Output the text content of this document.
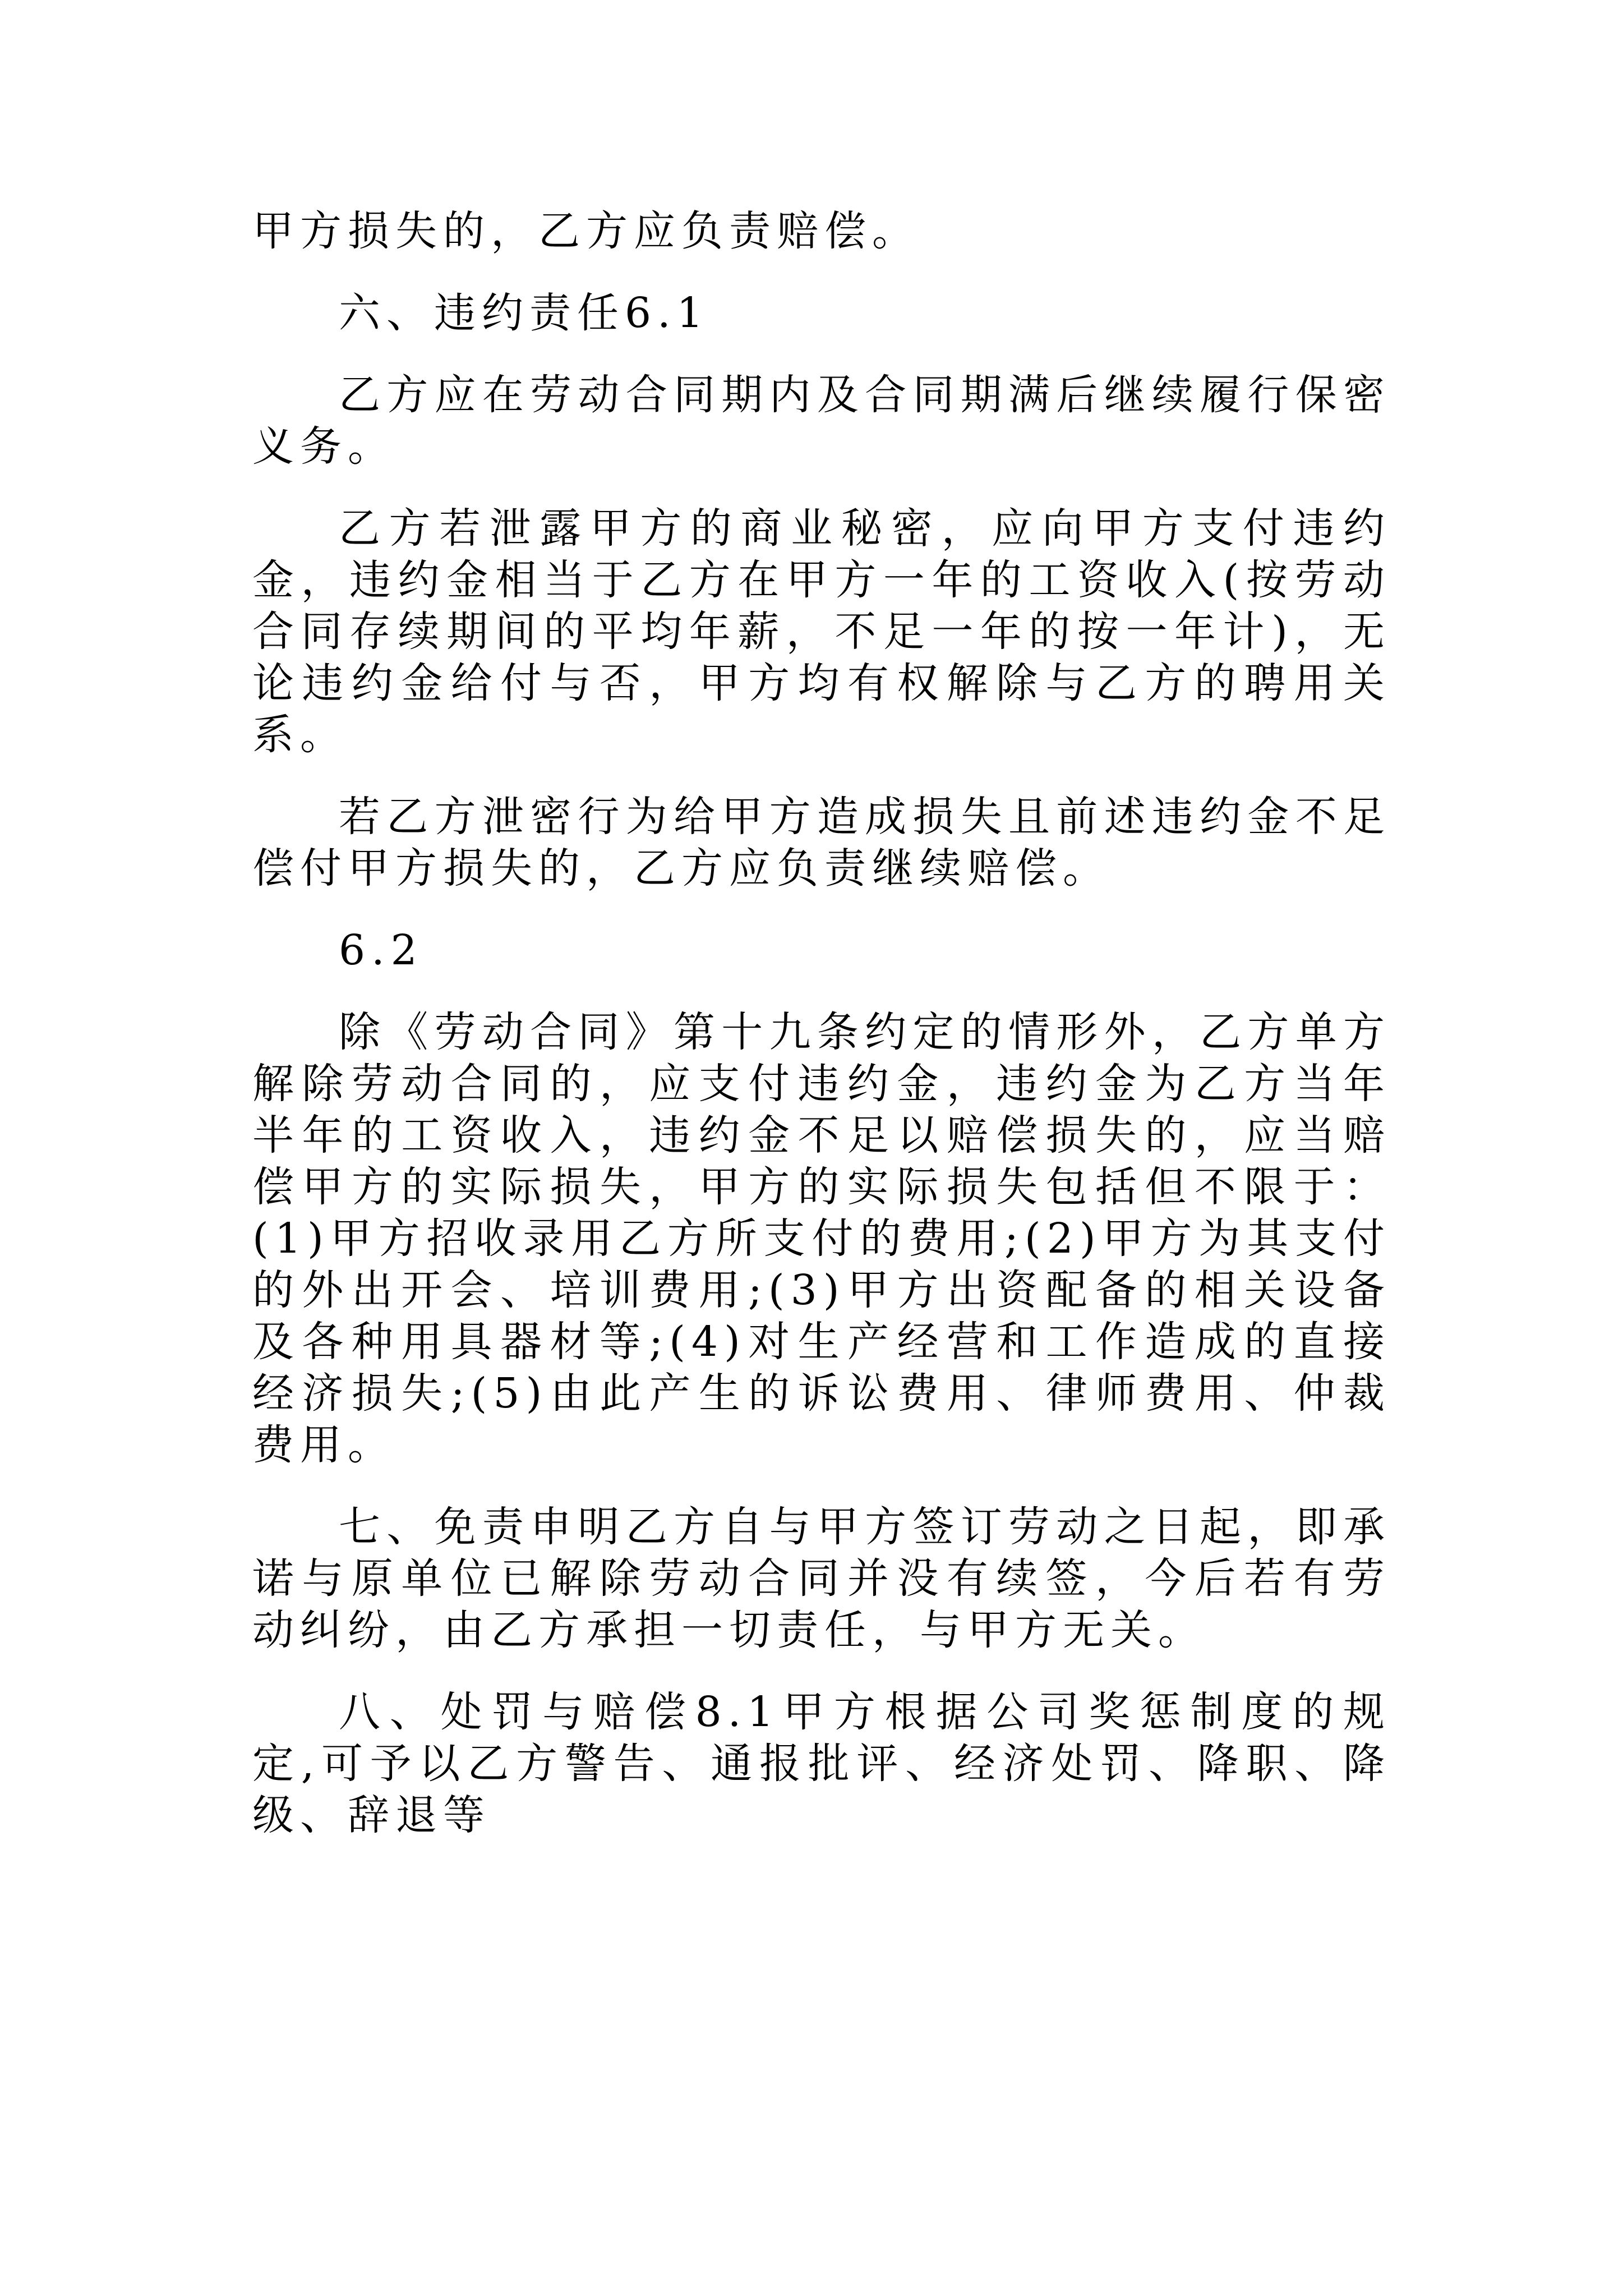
甲方损失的，乙方应负责赔偿。

六、违约责任6.1

乙方应在劳动合同期内及合同期满后继续履行保密义务。

乙方若泄露甲方的商业秘密，应向甲方支付违约金，违约金相当于乙方在甲方一年的工资收入(按劳动合同存续期间的平均年薪，不足一年的按一年计)，无论违约金给付与否，甲方均有权解除与乙方的聘用关系。

若乙方泄密行为给甲方造成损失且前述违约金不足偿付甲方损失的，乙方应负责继续赔偿。

6.2

除《劳动合同》第十九条约定的情形外，乙方单方解除劳动合同的，应支付违约金，违约金为乙方当年半年的工资收入，违约金不足以赔偿损失的，应当赔偿甲方的实际损失，甲方的实际损失包括但不限于：(1)甲方招收录用乙方所支付的费用;(2)甲方为其支付的外出开会、培训费用;(3)甲方出资配备的相关设备及各种用具器材等;(4)对生产经营和工作造成的直接经济损失;(5)由此产生的诉讼费用、律师费用、仲裁费用。

七、免责申明乙方自与甲方签订劳动之日起，即承诺与原单位已解除劳动合同并没有续签，今后若有劳动纠纷，由乙方承担一切责任，与甲方无关。

八、处罚与赔偿8.1甲方根据公司奖惩制度的规定,可予以乙方警告、通报批评、经济处罚、降职、降级、辞退等
